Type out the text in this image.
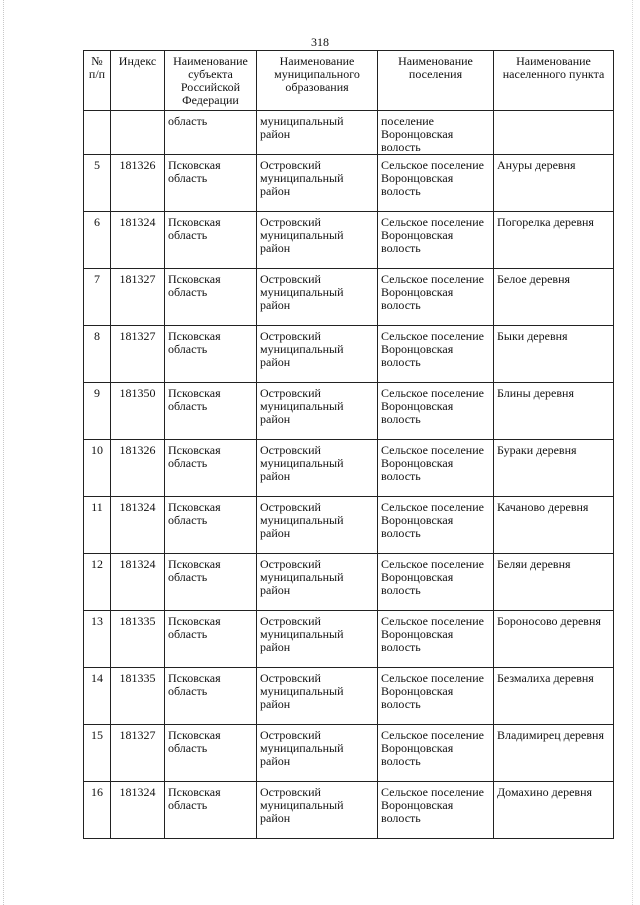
318
№ п/п	Индекс	Наименование субъекта Российской Федерации	Наименование муниципального образования	Наименование поселения	Наименование населенного пункта
		область	муниципальный район	поселение Воронцовская волость	
5	181326	Псковская область	Островский муниципальный район	Сельское поселение Воронцовская волость	Ануры деревня
6	181324	Псковская область	Островский муниципальный район	Сельское поселение Воронцовская волость	Погорелка деревня
7	181327	Псковская область	Островский муниципальный район	Сельское поселение Воронцовская волость	Белое деревня
8	181327	Псковская область	Островский муниципальный район	Сельское поселение Воронцовская волость	Быки деревня
9	181350	Псковская область	Островский муниципальный район	Сельское поселение Воронцовская волость	Блины деревня
10	181326	Псковская область	Островский муниципальный район	Сельское поселение Воронцовская волость	Бураки деревня
11	181324	Псковская область	Островский муниципальный район	Сельское поселение Воронцовская волость	Качаново деревня
12	181324	Псковская область	Островский муниципальный район	Сельское поселение Воронцовская волость	Беляи деревня
13	181335	Псковская область	Островский муниципальный район	Сельское поселение Воронцовская волость	Бороносово деревня
14	181335	Псковская область	Островский муниципальный район	Сельское поселение Воронцовская волость	Безмалиха деревня
15	181327	Псковская область	Островский муниципальный район	Сельское поселение Воронцовская волость	Владимирец деревня
16	181324	Псковская область	Островский муниципальный район	Сельское поселение Воронцовская волость	Домахино деревня
